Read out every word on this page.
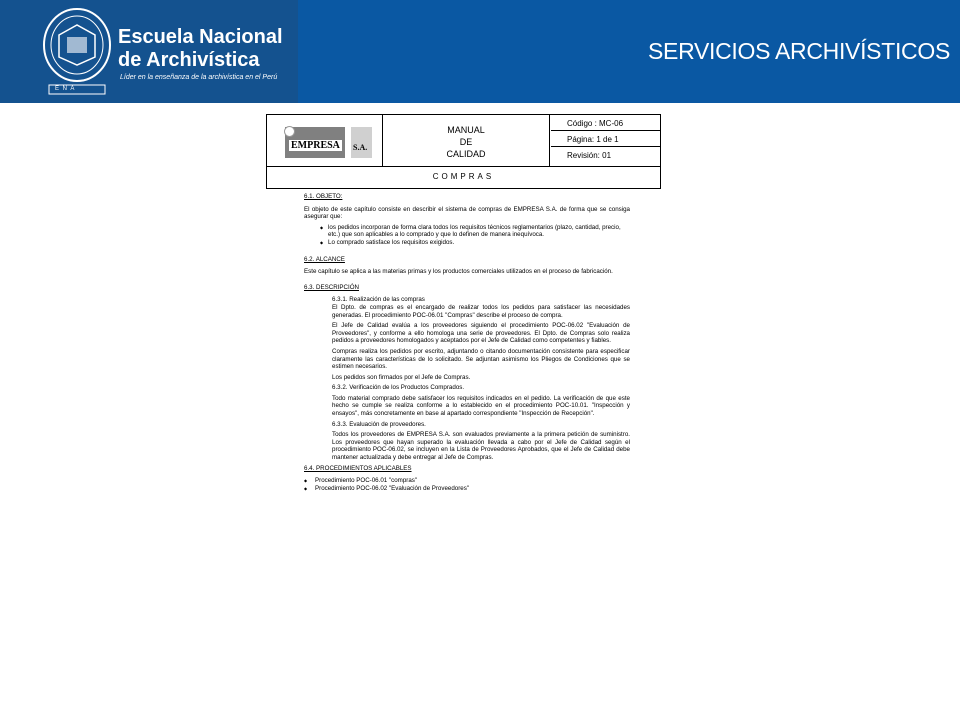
E N A
Escuela Nacional
de Archivística
Líder en la enseñanza de la archivística en el Perú
SERVICIOS ARCHIVÍSTICOS
EMPRESA S.A.
MANUAL
DE
CALIDAD
Código : MC-06
Página: 1 de 1
Revisión: 01
COMPRAS
6.1. OBJETO:
El objeto de este capítulo consiste en describir el sistema de compras de EMPRESA S.A. de forma que se consiga asegurar que:
◆ los pedidos incorporan de forma clara todos los requisitos técnicos reglamentarios (plazo, cantidad, precio, etc.) que son aplicables a lo comprado y que lo definen de manera inequívoca.
◆ Lo comprado satisface los requisitos exigidos.
6.2. ALCANCE
Este capítulo se aplica a las materias primas y los productos comerciales utilizados en el proceso de fabricación.
6.3. DESCRIPCIÓN
6.3.1. Realización de las compras
El Dpto. de compras es el encargado de realizar todos los pedidos para satisfacer las necesidades generadas. El procedimiento POC-06.01 "Compras" describe el proceso de compra.
El Jefe de Calidad evalúa a los proveedores siguiendo el procedimiento POC-06.02 "Evaluación de Proveedores", y conforme a ello homologa una serie de proveedores. El Dpto. de Compras solo realiza pedidos a proveedores homologados y aceptados por el Jefe de Calidad como competentes y fiables.
Compras realiza los pedidos por escrito, adjuntando o citando documentación consistente para especificar claramente las características de lo solicitado. Se adjuntan asimismo los Pliegos de Condiciones que se estimen necesarios.
Los pedidos son firmados por el Jefe de Compras.
6.3.2. Verificación de los Productos Comprados.
Todo material comprado debe satisfacer los requisitos indicados en el pedido. La verificación de que este hecho se cumple se realiza conforme a lo establecido en el procedimiento POC-10.01. "Inspección y ensayos", más concretamente en base al apartado correspondiente "Inspección de Recepción".
6.3.3. Evaluación de proveedores.
Todos los proveedores de EMPRESA S.A. son evaluados previamente a la primera petición de suministro. Los proveedores que hayan superado la evaluación llevada a cabo por el Jefe de Calidad según el procedimiento POC-06.02, se incluyen en la Lista de Proveedores Aprobados, que el Jefe de Calidad debe mantener actualizada y debe entregar al Jefe de Compras.
6.4. PROCEDIMIENTOS APLICABLES
◆ Procedimiento POC-06.01 "compras"
◆ Procedimiento POC-06.02 "Evaluación de Proveedores"
